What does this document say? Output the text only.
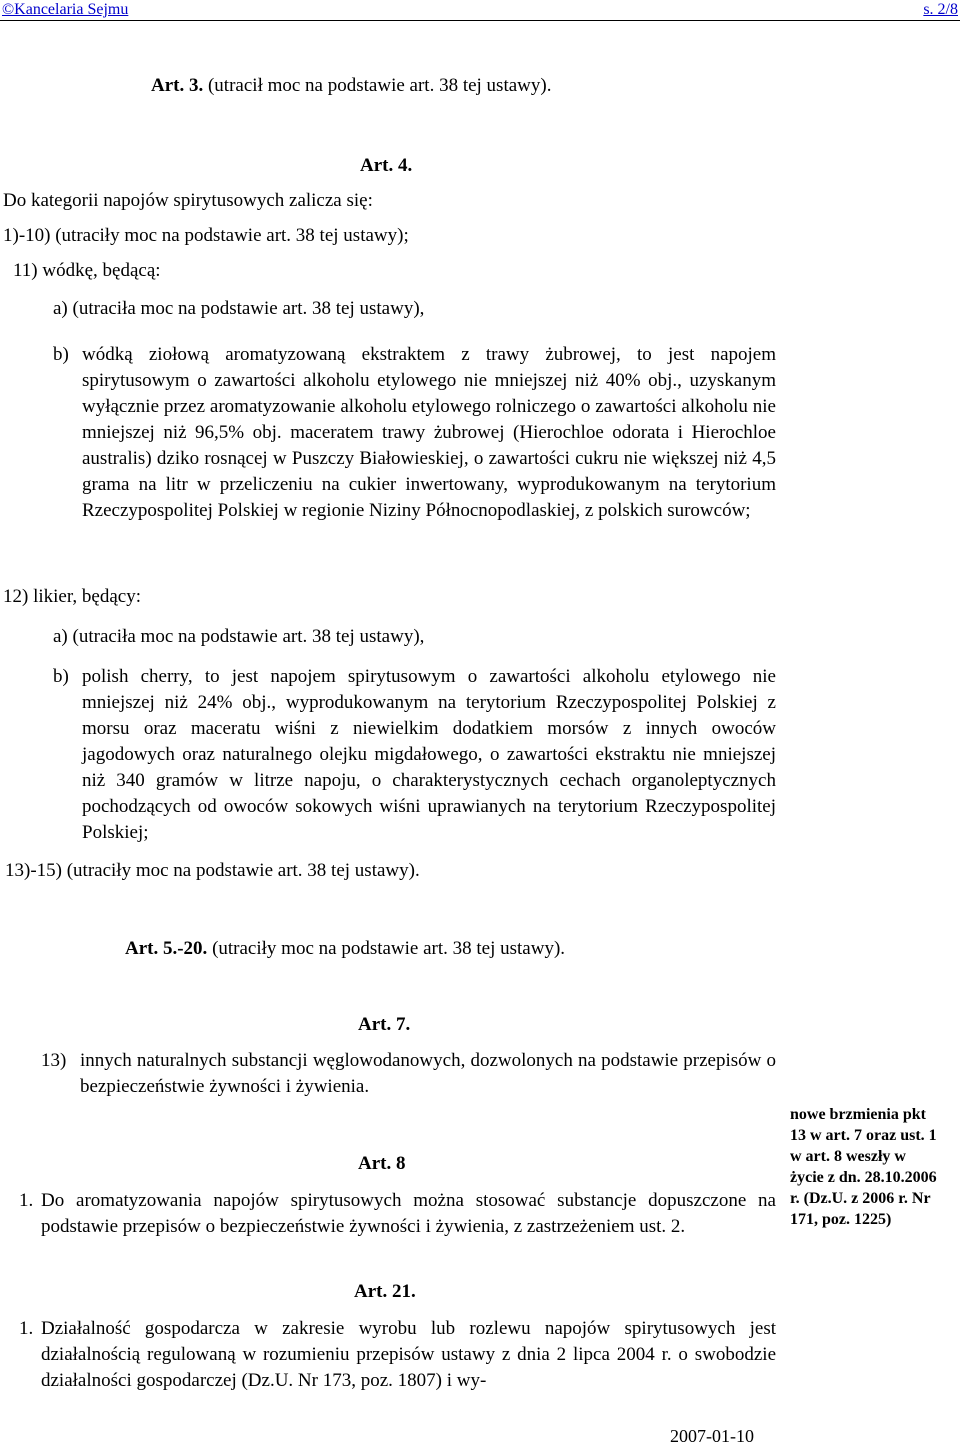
©Kancelaria Sejmu	s. 2/8
Art. 3. (utracił moc na podstawie art. 38 tej ustawy).
Art. 4.
Do kategorii napojów spirytusowych zalicza się:
1)-10) (utraciły moc na podstawie art. 38 tej ustawy);
11) wódkę, będącą:
a) (utraciła moc na podstawie art. 38 tej ustawy),
b) wódką ziołową aromatyzowaną ekstraktem z trawy żubrowej, to jest napojem spirytusowym o zawartości alkoholu etylowego nie mniejszej niż 40% obj., uzyskanym wyłącznie przez aromatyzowanie alkoholu etylowego rolniczego o zawartości alkoholu nie mniejszej niż 96,5% obj. maceratem trawy żubrowej (Hierochloe odorata i Hierochloe australis) dziko rosnącej w Puszczy Białowieskiej, o zawartości cukru nie większej niż 4,5 grama na litr w przeliczeniu na cukier inwertowany, wyprodukowanym na terytorium Rzeczypospolitej Polskiej w regionie Niziny Północnopodlaskiej, z polskich surowców;
12) likier, będący:
a) (utraciła moc na podstawie art. 38 tej ustawy),
b) polish cherry, to jest napojem spirytusowym o zawartości alkoholu etylowego nie mniejszej niż 24% obj., wyprodukowanym na terytorium Rzeczypospolitej Polskiej z morsu oraz maceratu wiśni z niewielkim dodatkiem morsów z innych owoców jagodowych oraz naturalnego olejku migdałowego, o zawartości ekstraktu nie mniejszej niż 340 gramów w litrze napoju, o charakterystycznych cechach organoleptycznych pochodzących od owoców sokowych wiśni uprawianych na terytorium Rzeczypospolitej Polskiej;
13)-15) (utraciły moc na podstawie art. 38 tej ustawy).
Art. 5.-20. (utraciły moc na podstawie art. 38 tej ustawy).
Art. 7.
13) innych naturalnych substancji węglowodanowych, dozwolonych na podstawie przepisów o bezpieczeństwie żywności i żywienia.
Art. 8
1. Do aromatyzowania napojów spirytusowych można stosować substancje dopuszczone na podstawie przepisów o bezpieczeństwie żywności i żywienia, z zastrzeżeniem ust. 2.
Art. 21.
1. Działalność gospodarcza w zakresie wyrobu lub rozlewu napojów spirytusowych jest działalnością regulowaną w rozumieniu przepisów ustawy z dnia 2 lipca 2004 r. o swobodzie działalności gospodarczej (Dz.U. Nr 173, poz. 1807) i wy-
nowe brzmienia pkt
13 w art. 7 oraz ust. 1
w art. 8 weszły w
życie z dn. 28.10.2006
r. (Dz.U. z 2006 r. Nr
171, poz. 1225)
2007-01-10
